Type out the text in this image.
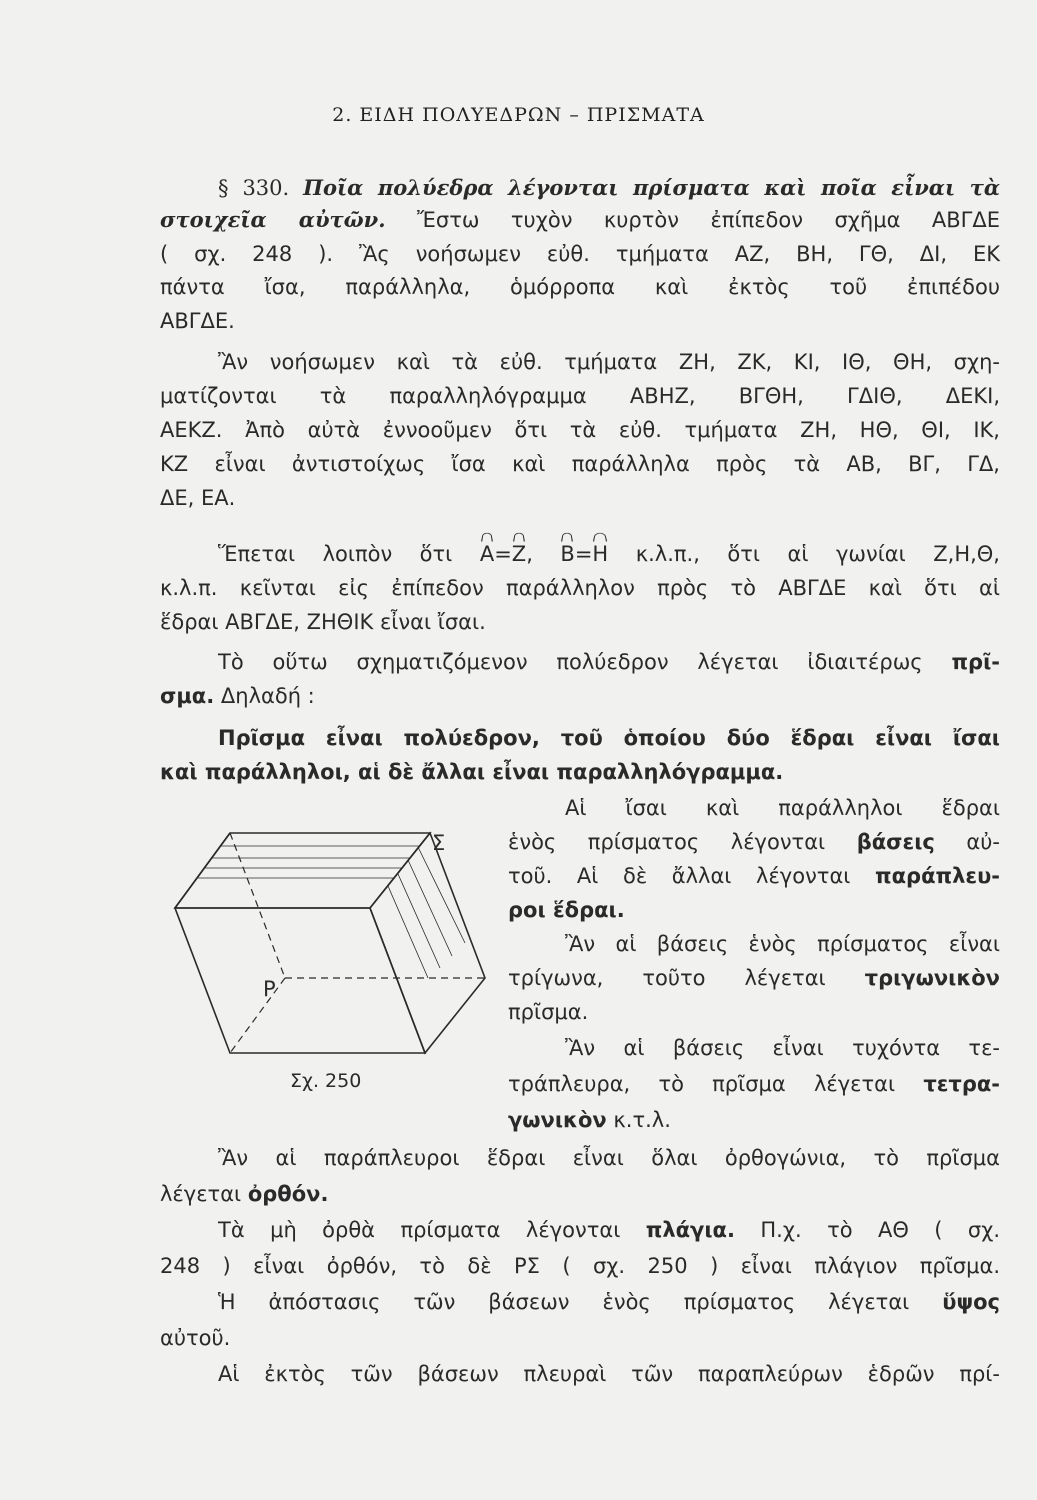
2. ΕΙΔΗ ΠΟΛΥΕΔΡΩΝ – ΠΡΙΣΜΑΤΑ
§ 330. Ποῖα πολύεδρα λέγονται πρίσματα καὶ ποῖα εἶναι τὰ
στοιχεῖα αὐτῶν. Ἔστω τυχὸν κυρτὸν ἐπίπεδον σχῆμα ΑΒΓΔΕ
( σχ. 248 ). Ἂς νοήσωμεν εὐθ. τμήματα ΑΖ, ΒΗ, ΓΘ, ΔΙ, ΕΚ
πάντα ἴσα, παράλληλα, ὁμόρροπα καὶ ἐκτὸς τοῦ ἐπιπέδου
ΑΒΓΔΕ.
Ἂν νοήσωμεν καὶ τὰ εὐθ. τμήματα ΖΗ, ΖΚ, ΚΙ, ΙΘ, ΘΗ, σχη-
ματίζονται τὰ παραλληλόγραμμα ΑΒΗΖ, ΒΓΘΗ, ΓΔΙΘ, ΔΕΚΙ,
ΑΕΚΖ. Ἀπὸ αὐτὰ ἐννοοῦμεν ὅτι τὰ εὐθ. τμήματα ΖΗ, ΗΘ, ΘΙ, ΙΚ,
ΚΖ εἶναι ἀντιστοίχως ἴσα καὶ παράλληλα πρὸς τὰ ΑΒ, ΒΓ, ΓΔ,
ΔΕ, ΕΑ.
Ἕπεται λοιπὸν ὅτι A=Z, B=H κ.λ.π., ὅτι αἱ γωνίαι Ζ,Η,Θ,
κ.λ.π. κεῖνται εἰς ἐπίπεδον παράλληλον πρὸς τὸ ΑΒΓΔΕ καὶ ὅτι αἱ
ἕδραι ΑΒΓΔΕ, ΖΗΘΙΚ εἶναι ἴσαι.
Τὸ οὕτω σχηματιζόμενον πολύεδρον λέγεται ἰδιαιτέρως πρῖ-
σμα. Δηλαδή :
Πρῖσμα εἶναι πολύεδρον, τοῦ ὁποίου δύο ἕδραι εἶναι ἴσαι
καὶ παράλληλοι, αἱ δὲ ἄλλαι εἶναι παραλληλόγραμμα.
Αἱ ἴσαι καὶ παράλληλοι ἕδραι
ἑνὸς πρίσματος λέγονται βάσεις αὐ-
τοῦ. Αἱ δὲ ἄλλαι λέγονται παράπλευ-
ροι ἕδραι.
Ἂν αἱ βάσεις ἑνὸς πρίσματος εἶναι
τρίγωνα, τοῦτο λέγεται τριγωνικὸν
πρῖσμα.
Ἂν αἱ βάσεις εἶναι τυχόντα τε-
τράπλευρα, τὸ πρῖσμα λέγεται τετρα-
γωνικὸν κ.τ.λ.
Σ
Ρ
Σχ. 250
Ἂν αἱ παράπλευροι ἕδραι εἶναι ὅλαι ὀρθογώνια, τὸ πρῖσμα
λέγεται ὀρθόν.
Τὰ μὴ ὀρθὰ πρίσματα λέγονται πλάγια. Π.χ. τὸ ΑΘ ( σχ.
248 ) εἶναι ὀρθόν, τὸ δὲ ΡΣ ( σχ. 250 ) εἶναι πλάγιον πρῖσμα.
Ἡ ἀπόστασις τῶν βάσεων ἑνὸς πρίσματος λέγεται ὕψος
αὐτοῦ.
Αἱ ἐκτὸς τῶν βάσεων πλευραὶ τῶν παραπλεύρων ἑδρῶν πρί-
